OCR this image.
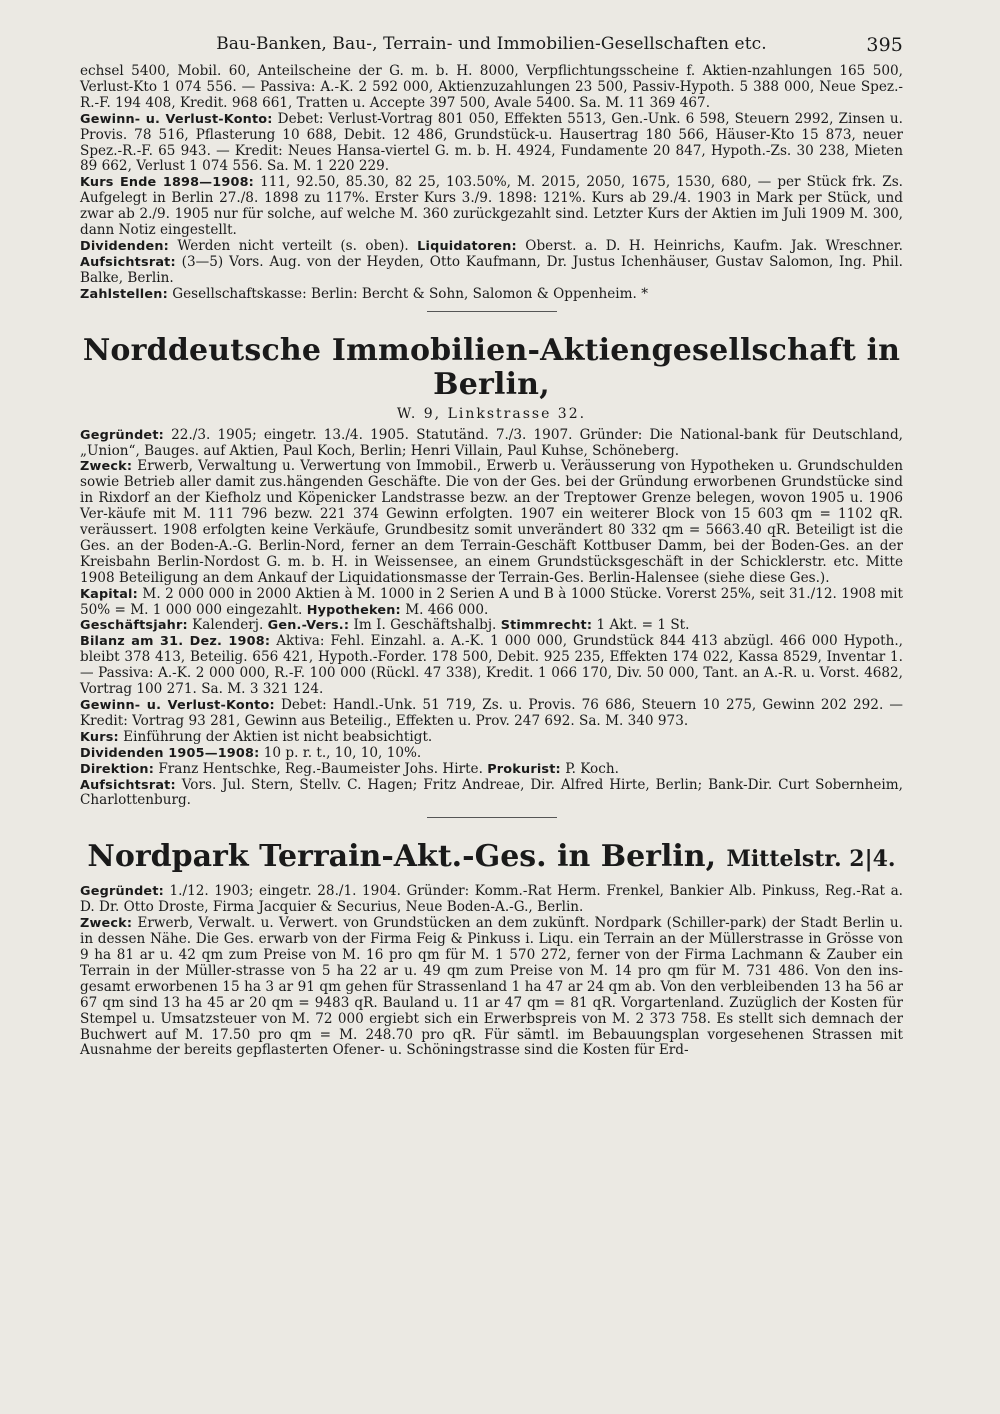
Bau-Banken, Bau-, Terrain- und Immobilien-Gesellschaften etc.	395

echsel 5400, Mobil. 60, Anteilscheine der G. m. b. H. 8000, Verpflichtungsscheine f. Aktien-nzahlungen 165 500, Verlust-Kto 1 074 556. — Passiva: A.-K. 2 592 000, Aktienzuzahlungen 23 500, Passiv-Hypoth. 5 388 000, Neue Spez.-R.-F. 194 408, Kredit. 968 661, Tratten u. Accepte 397 500, Avale 5400. Sa. M. 11 369 467.

Gewinn- u. Verlust-Konto: Debet: Verlust-Vortrag 801 050, Effekten 5513, Gen.-Unk. 6 598, Steuern 2992, Zinsen u. Provis. 78 516, Pflasterung 10 688, Debit. 12 486, Grundstück-u. Hausertrag 180 566, Häuser-Kto 15 873, neuer Spez.-R.-F. 65 943. — Kredit: Neues Hansa-viertel G. m. b. H. 4924, Fundamente 20 847, Hypoth.-Zs. 30 238, Mieten 89 662, Verlust 1 074 556. Sa. M. 1 220 229.

Kurs Ende 1898—1908: 111, 92.50, 85.30, 82 25, 103.50%, M. 2015, 2050, 1675, 1530, 680, — per Stück frk. Zs. Aufgelegt in Berlin 27./8. 1898 zu 117%. Erster Kurs 3./9. 1898: 121%. Kurs ab 29./4. 1903 in Mark per Stück, und zwar ab 2./9. 1905 nur für solche, auf welche M. 360 zurückgezahlt sind. Letzter Kurs der Aktien im Juli 1909 M. 300, dann Notiz eingestellt.

Dividenden: Werden nicht verteilt (s. oben). Liquidatoren: Oberst. a. D. H. Heinrichs, Kaufm. Jak. Wreschner. Aufsichtsrat: (3—5) Vors. Aug. von der Heyden, Otto Kaufmann, Dr. Justus Ichenhäuser, Gustav Salomon, Ing. Phil. Balke, Berlin.

Zahlstellen: Gesellschaftskasse: Berlin: Bercht & Sohn, Salomon & Oppenheim. *

Norddeutsche Immobilien-Aktiengesellschaft in Berlin,
W. 9, Linkstrasse 32.

Gegründet: 22./3. 1905; eingetr. 13./4. 1905. Statutänd. 7./3. 1907. Gründer: Die National-bank für Deutschland, „Union“, Bauges. auf Aktien, Paul Koch, Berlin; Henri Villain, Paul Kuhse, Schöneberg.

Zweck: Erwerb, Verwaltung u. Verwertung von Immobil., Erwerb u. Veräusserung von Hypotheken u. Grundschulden sowie Betrieb aller damit zus.hängenden Geschäfte. Die von der Ges. bei der Gründung erworbenen Grundstücke sind in Rixdorf an der Kiefholz und Köpenicker Landstrasse bezw. an der Treptower Grenze belegen, wovon 1905 u. 1906 Ver-käufe mit M. 111 796 bezw. 221 374 Gewinn erfolgten. 1907 ein weiterer Block von 15 603 qm = 1102 qR. veräussert. 1908 erfolgten keine Verkäufe, Grundbesitz somit unverändert 80 332 qm = 5663.40 qR. Beteiligt ist die Ges. an der Boden-A.-G. Berlin-Nord, ferner an dem Terrain-Geschäft Kottbuser Damm, bei der Boden-Ges. an der Kreisbahn Berlin-Nordost G. m. b. H. in Weissensee, an einem Grundstücksgeschäft in der Schicklerstr. etc. Mitte 1908 Beteiligung an dem Ankauf der Liquidationsmasse der Terrain-Ges. Berlin-Halensee (siehe diese Ges.).

Kapital: M. 2 000 000 in 2000 Aktien à M. 1000 in 2 Serien A und B à 1000 Stücke. Vorerst 25%, seit 31./12. 1908 mit 50% = M. 1 000 000 eingezahlt. Hypotheken: M. 466 000.

Geschäftsjahr: Kalenderj. Gen.-Vers.: Im I. Geschäftshalbj. Stimmrecht: 1 Akt. = 1 St.

Bilanz am 31. Dez. 1908: Aktiva: Fehl. Einzahl. a. A.-K. 1 000 000, Grundstück 844 413 abzügl. 466 000 Hypoth., bleibt 378 413, Beteilig. 656 421, Hypoth.-Forder. 178 500, Debit. 925 235, Effekten 174 022, Kassa 8529, Inventar 1. — Passiva: A.-K. 2 000 000, R.-F. 100 000 (Rückl. 47 338), Kredit. 1 066 170, Div. 50 000, Tant. an A.-R. u. Vorst. 4682, Vortrag 100 271. Sa. M. 3 321 124.

Gewinn- u. Verlust-Konto: Debet: Handl.-Unk. 51 719, Zs. u. Provis. 76 686, Steuern 10 275, Gewinn 202 292. — Kredit: Vortrag 93 281, Gewinn aus Beteilig., Effekten u. Prov. 247 692. Sa. M. 340 973.

Kurs: Einführung der Aktien ist nicht beabsichtigt.

Dividenden 1905—1908: 10 p. r. t., 10, 10, 10%.

Direktion: Franz Hentschke, Reg.-Baumeister Johs. Hirte. Prokurist: P. Koch.

Aufsichtsrat: Vors. Jul. Stern, Stellv. C. Hagen; Fritz Andreae, Dir. Alfred Hirte, Berlin; Bank-Dir. Curt Sobernheim, Charlottenburg.

Nordpark Terrain-Akt.-Ges. in Berlin, Mittelstr. 2|4.

Gegründet: 1./12. 1903; eingetr. 28./1. 1904. Gründer: Komm.-Rat Herm. Frenkel, Bankier Alb. Pinkuss, Reg.-Rat a. D. Dr. Otto Droste, Firma Jacquier & Securius, Neue Boden-A.-G., Berlin.

Zweck: Erwerb, Verwalt. u. Verwert. von Grundstücken an dem zukünft. Nordpark (Schiller-park) der Stadt Berlin u. in dessen Nähe. Die Ges. erwarb von der Firma Feig & Pinkuss i. Liqu. ein Terrain an der Müllerstrasse in Grösse von 9 ha 81 ar u. 42 qm zum Preise von M. 16 pro qm für M. 1 570 272, ferner von der Firma Lachmann & Zauber ein Terrain in der Müller-strasse von 5 ha 22 ar u. 49 qm zum Preise von M. 14 pro qm für M. 731 486. Von den ins-gesamt erworbenen 15 ha 3 ar 91 qm gehen für Strassenland 1 ha 47 ar 24 qm ab. Von den verbleibenden 13 ha 56 ar 67 qm sind 13 ha 45 ar 20 qm = 9483 qR. Bauland u. 11 ar 47 qm = 81 qR. Vorgartenland. Zuzüglich der Kosten für Stempel u. Umsatzsteuer von M. 72 000 ergiebt sich ein Erwerbspreis von M. 2 373 758. Es stellt sich demnach der Buchwert auf M. 17.50 pro qm = M. 248.70 pro qR. Für sämtl. im Bebauungsplan vorgesehenen Strassen mit Ausnahme der bereits gepflasterten Ofener- u. Schöningstrasse sind die Kosten für Erd-
